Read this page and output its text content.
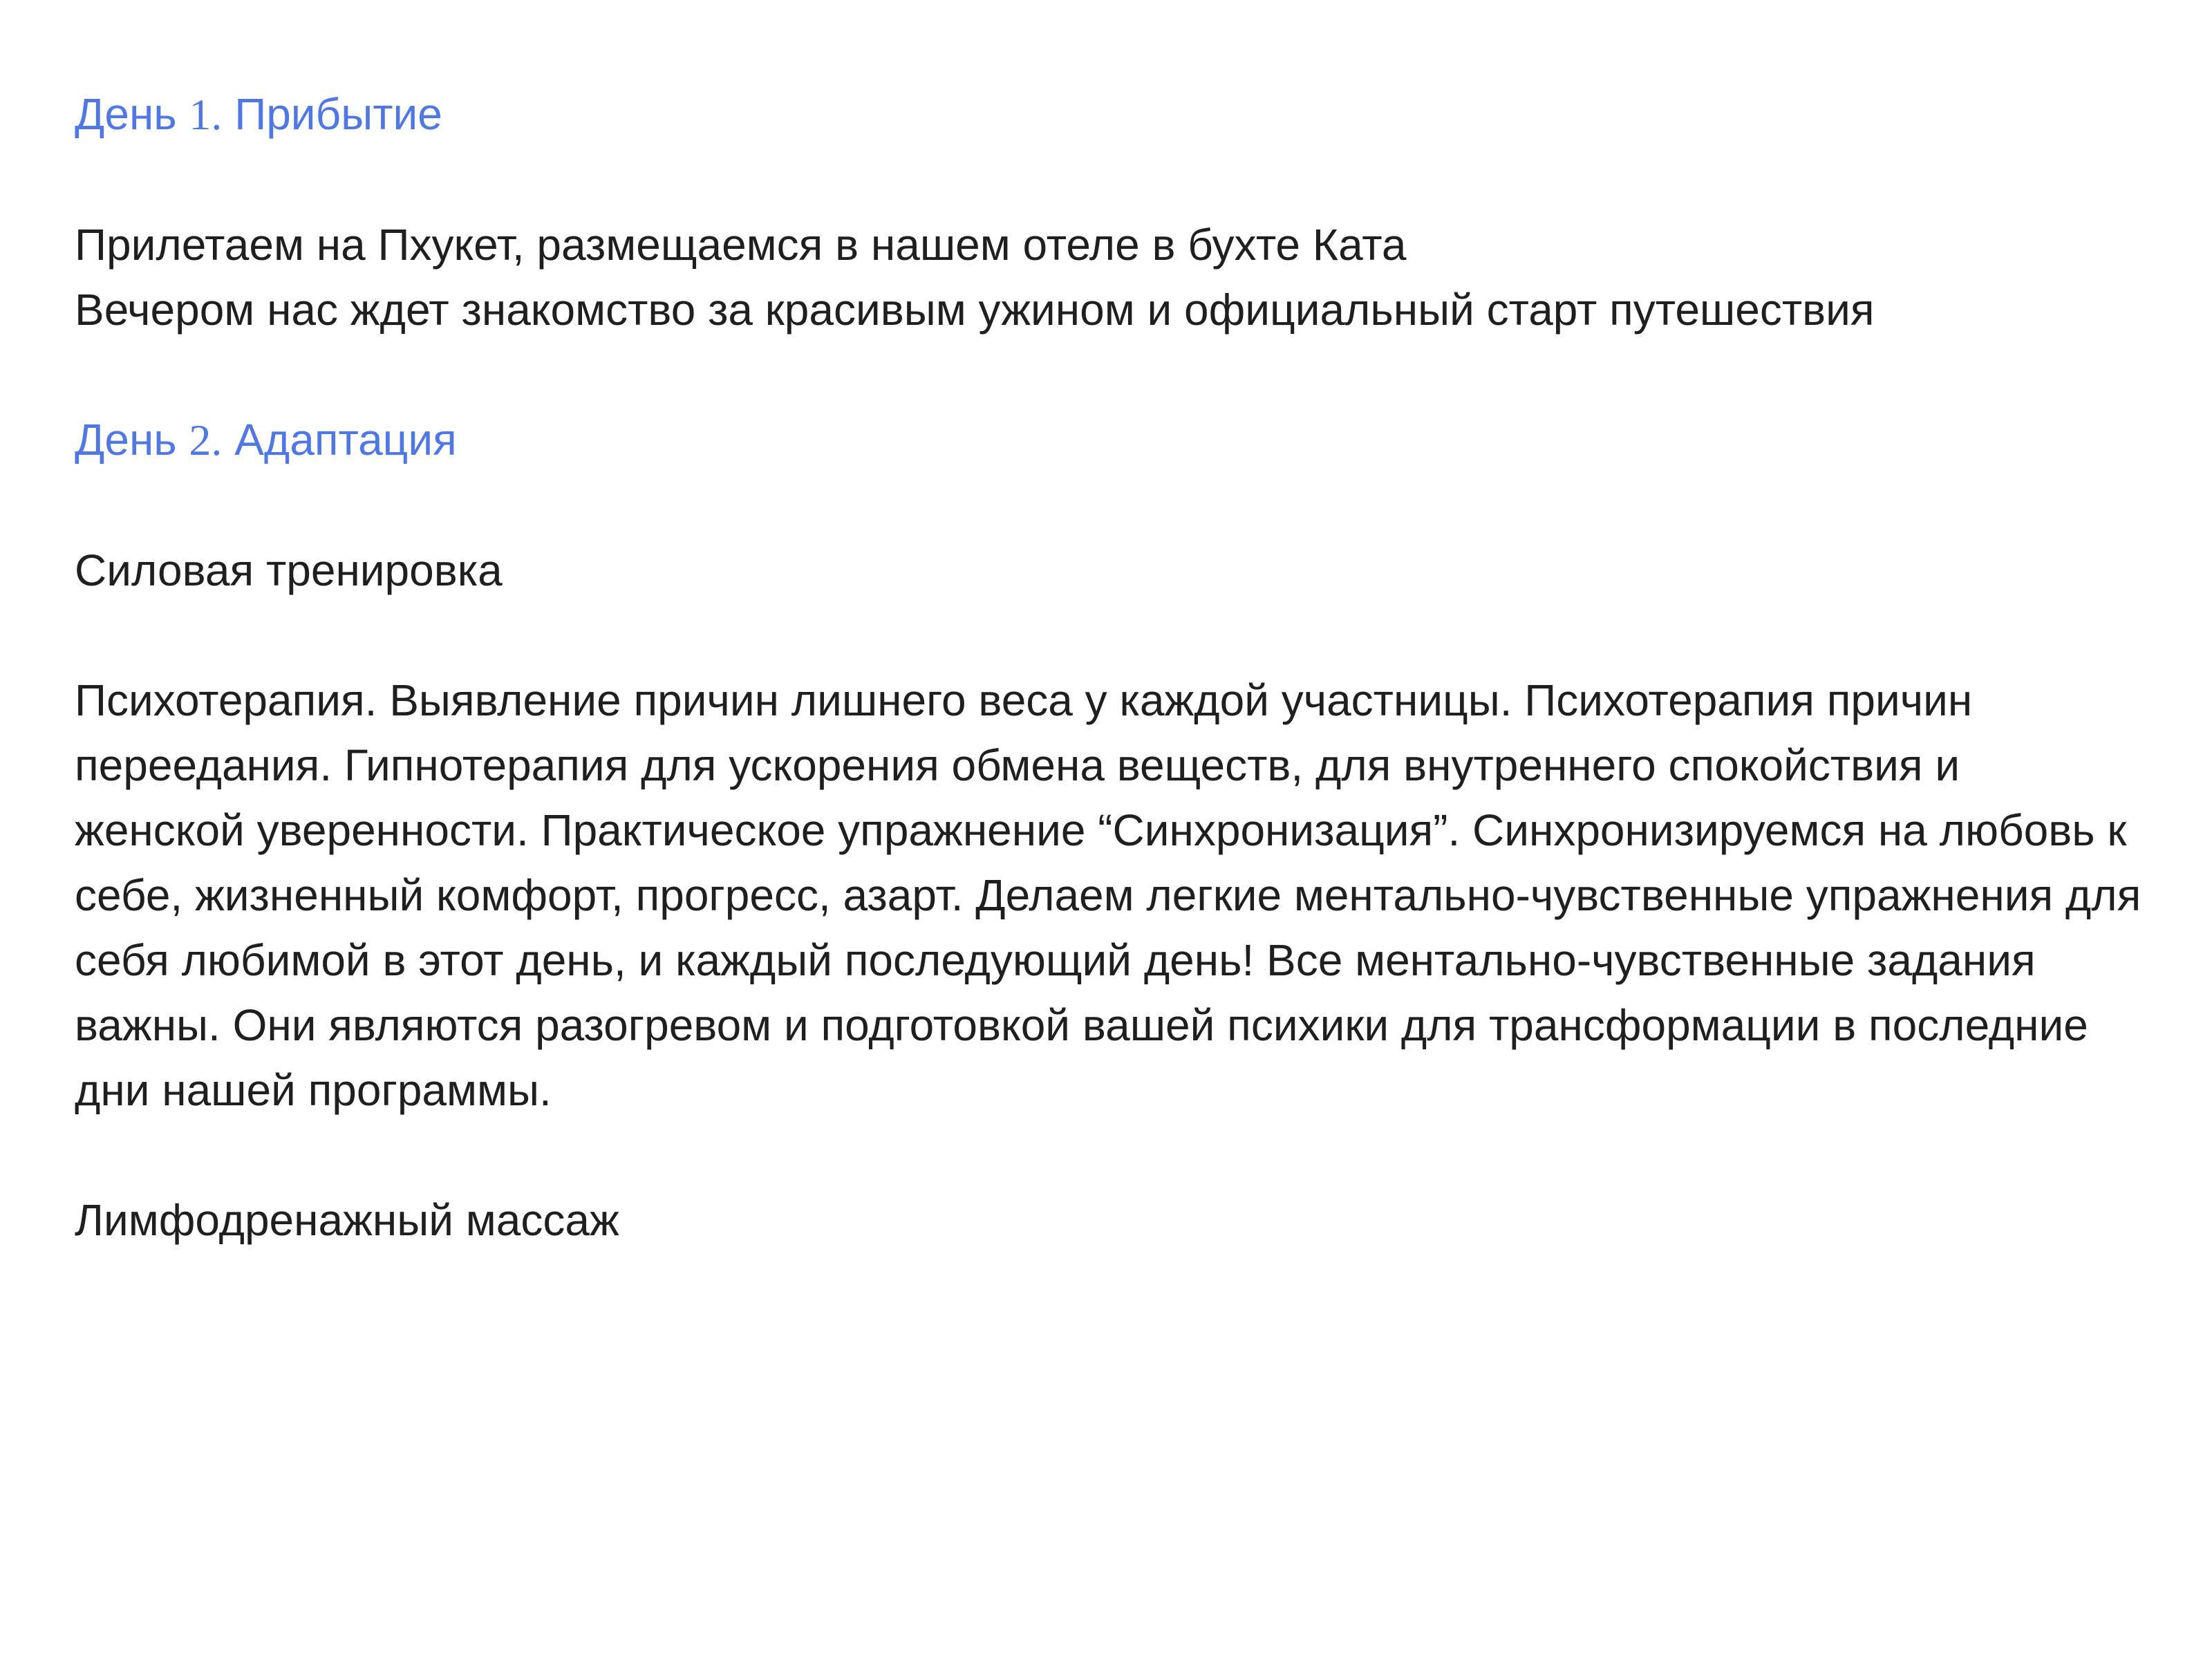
День 1. Прибытие

Прилетаем на Пхукет, размещаемся в нашем отеле в бухте Ката

Вечером нас ждет знакомство за красивым ужином и официальный старт путешествия

День 2. Адаптация

Силовая тренировка

Психотерапия. Выявление причин лишнего веса у каждой участницы. Психотерапия причин переедания. Гипнотерапия для ускорения обмена веществ, для внутреннего спокойствия и женской уверенности. Практическое упражнение “Синхронизация”. Синхронизируемся на любовь к себе, жизненный комфорт, прогресс, азарт. Делаем легкие ментально-чувственные упражнения для себя любимой в этот день, и каждый последующий день! Все ментально-чувственные задания важны. Они являются разогревом и подготовкой вашей психики для трансформации в последние дни нашей программы.

Лимфодренажный массаж
